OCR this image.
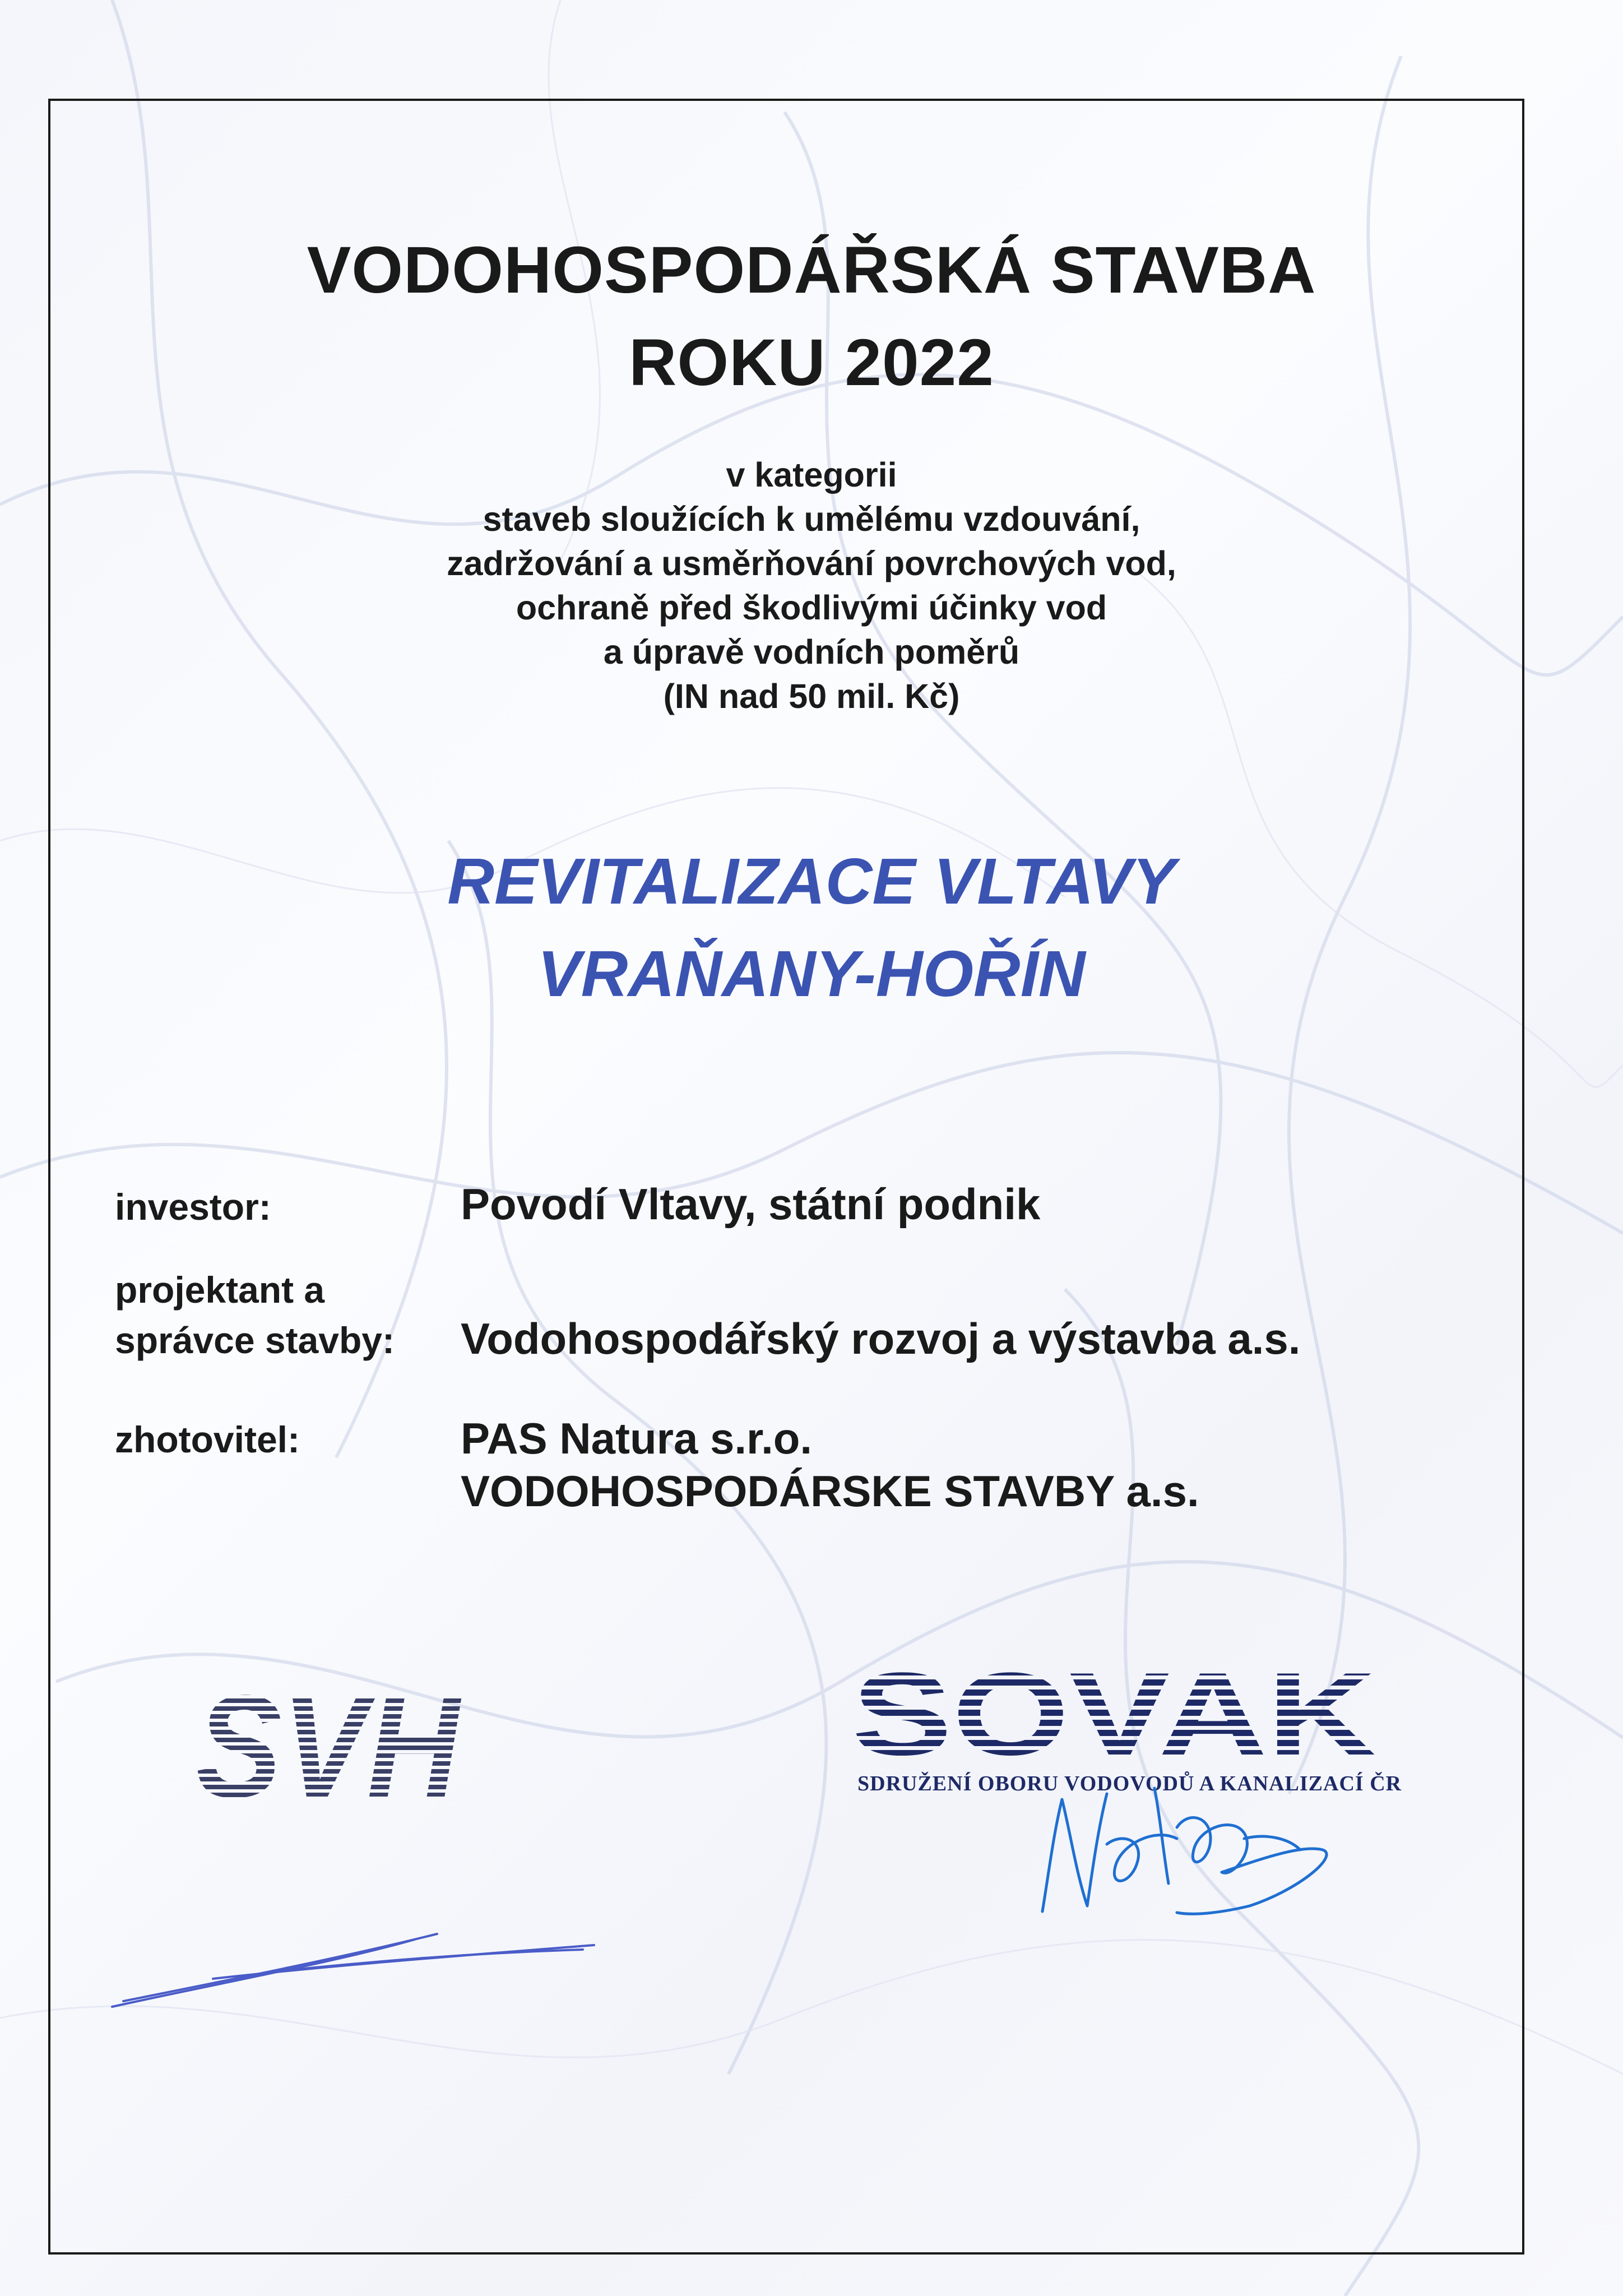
VODOHOSPODÁŘSKÁ STAVBA
ROKU 2022
v kategorii
staveb sloužících k umělému vzdouvání,
zadržování a usměrňování povrchových vod,
ochraně před škodlivými účinky vod
a úpravě vodních poměrů
(IN nad 50 mil. Kč)
REVITALIZACE VLTAVY
VRAŇANY-HOŘÍN
investor:	Povodí Vltavy, státní podnik
projektant a
správce stavby: Vodohospodářský rozvoj a výstavba a.s.
zhotovitel:	PAS Natura s.r.o.
VODOHOSPODÁRSKE STAVBY a.s.
SVH	SOVAK
SDRUŽENÍ OBORU VODOVODŮ A KANALIZACÍ ČR
